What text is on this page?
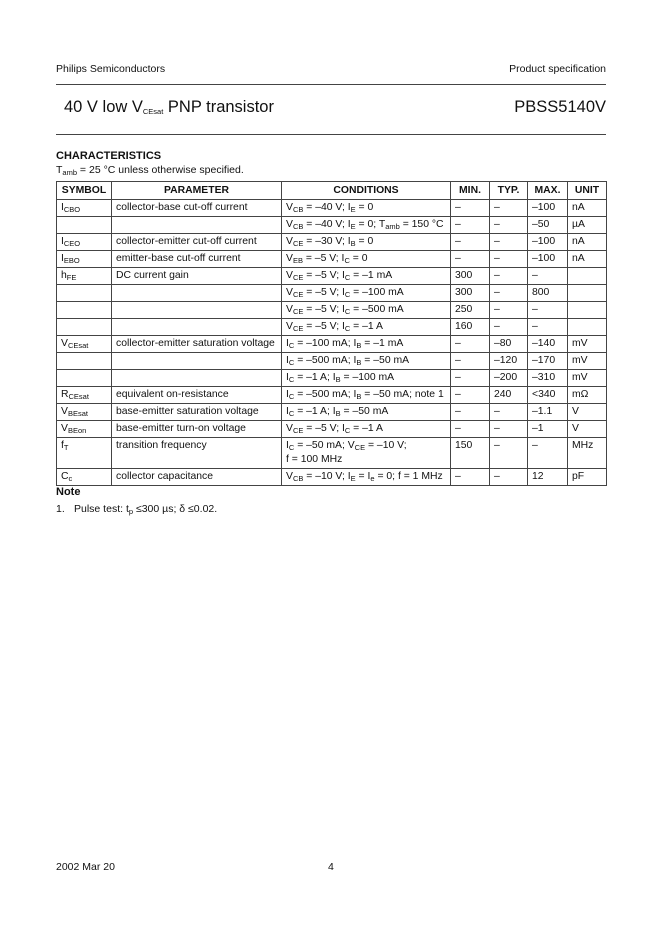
Philips Semiconductors	Product specification
40 V low $V_{CEsat}$ PNP transistor	PBSS5140V
CHARACTERISTICS
$T_{amb} = 25$ °C unless otherwise specified.
SYMBOL	PARAMETER	CONDITIONS	MIN.	TYP.	MAX.	UNIT
$I_{CBO}$	collector-base cut-off current	$V_{CB} = -40$ V; $I_E = 0$	–	–	–100	nA
		$V_{CB} = -40$ V; $I_E = 0$; $T_{amb} = 150$ °C	–	–	–50	µA
$I_{CEO}$	collector-emitter cut-off current	$V_{CE} = -30$ V; $I_B = 0$	–	–	–100	nA
$I_{EBO}$	emitter-base cut-off current	$V_{EB} = -5$ V; $I_C = 0$	–	–	–100	nA
$h_{FE}$	DC current gain	$V_{CE} = -5$ V; $I_C = -1$ mA	300	–	–	
		$V_{CE} = -5$ V; $I_C = -100$ mA	300	–	800	
		$V_{CE} = -5$ V; $I_C = -500$ mA	250	–	–	
		$V_{CE} = -5$ V; $I_C = -1$ A	160	–	–	
$V_{CEsat}$	collector-emitter saturation voltage	$I_C = -100$ mA; $I_B = -1$ mA	–	–80	–140	mV
		$I_C = -500$ mA; $I_B = -50$ mA	–	–120	–170	mV
		$I_C = -1$ A; $I_B = -100$ mA	–	–200	–310	mV
$R_{CEsat}$	equivalent on-resistance	$I_C = -500$ mA; $I_B = -50$ mA; note 1	–	240	<340	mΩ
$V_{BEsat}$	base-emitter saturation voltage	$I_C = -1$ A; $I_B = -50$ mA	–	–	–1.1	V
$V_{BEon}$	base-emitter turn-on voltage	$V_{CE} = -5$ V; $I_C = -1$ A	–	–	–1	V
$f_T$	transition frequency	$I_C = -50$ mA; $V_{CE} = -10$ V;
f = 100 MHz	150	–	–	MHz
$C_c$	collector capacitance	$V_{CB} = -10$ V; $I_E = I_e = 0$; f = 1 MHz	–	–	12	pF
Note
1. Pulse test: $t_p \le 300$ µs; δ ≤0.02.
2002 Mar 20	4
